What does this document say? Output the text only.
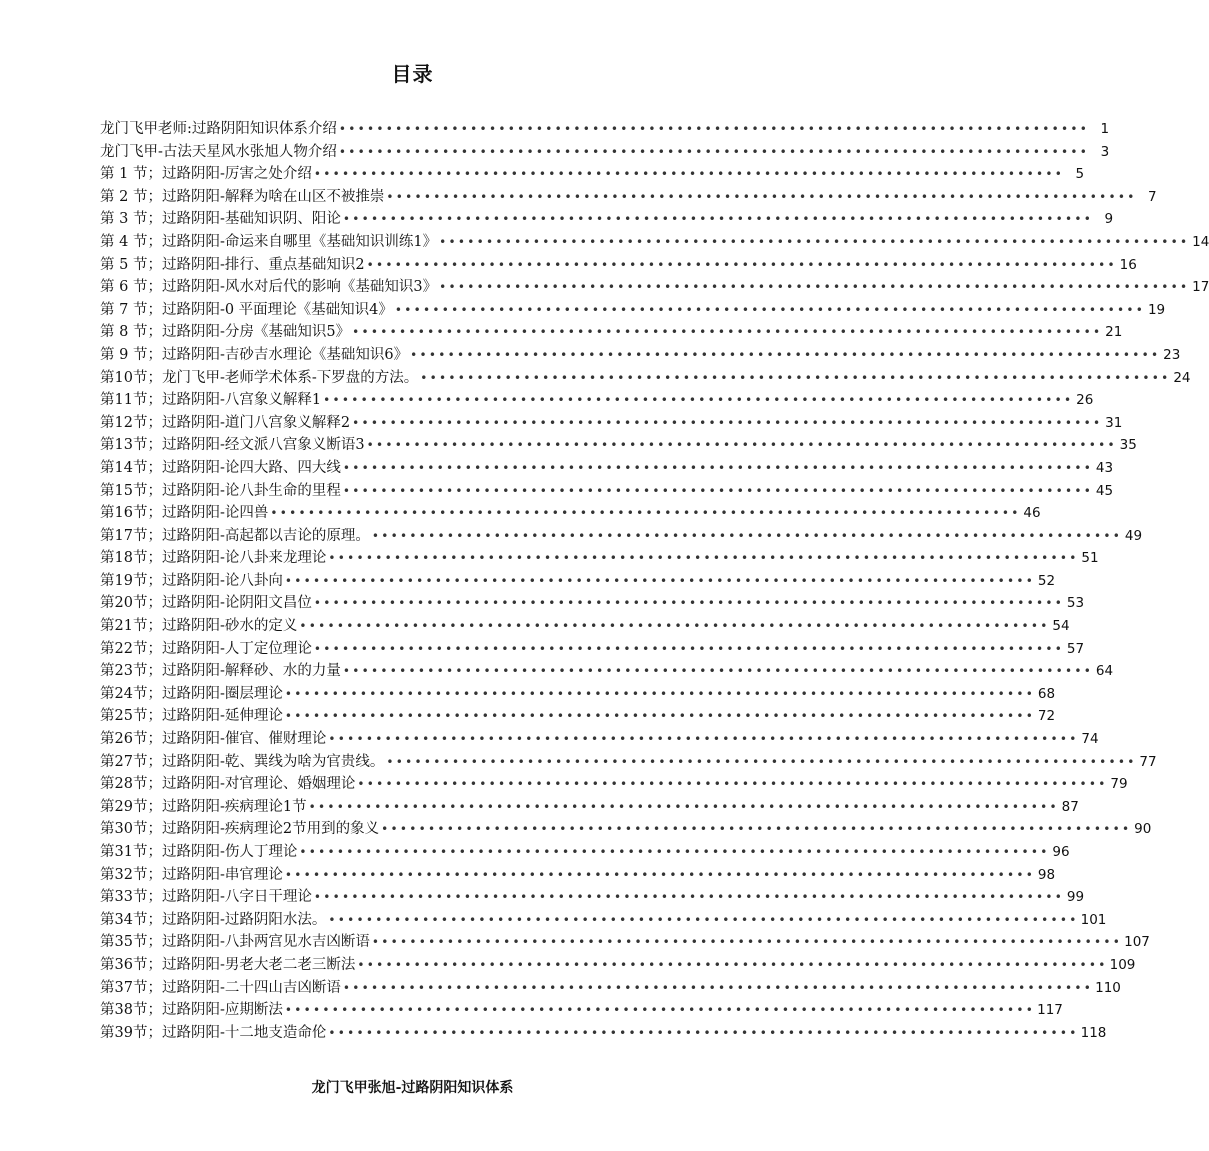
目录
龙门飞甲老师:过路阴阳知识体系介绍 •••••••••••••••••••••••••••••••••••••••••••••••••••••••••••••••••••••••••••••••• 1
龙门飞甲-古法天星风水张旭人物介绍 •••••••••••••••••••••••••••••••••••••••••••••••••••••••••••••••••••••••••••••••• 3
第 1 节；过路阴阳-厉害之处介绍 •••••••••••••••••••••••••••••••••••••••••••••••••••••••••••••••••••••••••••••••• 5
第 2 节；过路阴阳-解释为啥在山区不被推崇 •••••••••••••••••••••••••••••••••••••••••••••••••••••••••••••••••••••••••••••••• 7
第 3 节；过路阴阳-基础知识阴、阳论 •••••••••••••••••••••••••••••••••••••••••••••••••••••••••••••••••••••••••••••••• 9
第 4 节；过路阴阳-命运来自哪里《基础知识训练1》 •••••••••••••••••••••••••••••••••••••••••••••••••••••••••••••••••••••••••••••••• 14
第 5 节；过路阴阳-排行、重点基础知识2 •••••••••••••••••••••••••••••••••••••••••••••••••••••••••••••••••••••••••••••••• 16
第 6 节；过路阴阳-风水对后代的影响《基础知识3》 •••••••••••••••••••••••••••••••••••••••••••••••••••••••••••••••••••••••••••••••• 17
第 7 节；过路阴阳-0 平面理论《基础知识4》 •••••••••••••••••••••••••••••••••••••••••••••••••••••••••••••••••••••••••••••••• 19
第 8 节；过路阴阳-分房《基础知识5》 •••••••••••••••••••••••••••••••••••••••••••••••••••••••••••••••••••••••••••••••• 21
第 9 节；过路阴阳-吉砂吉水理论《基础知识6》 •••••••••••••••••••••••••••••••••••••••••••••••••••••••••••••••••••••••••••••••• 23
第10节；龙门飞甲-老师学术体系-下罗盘的方法。 •••••••••••••••••••••••••••••••••••••••••••••••••••••••••••••••••••••••••••••••• 24
第11节；过路阴阳-八宫象义解释1 •••••••••••••••••••••••••••••••••••••••••••••••••••••••••••••••••••••••••••••••• 26
第12节；过路阴阳-道门八宫象义解释2 •••••••••••••••••••••••••••••••••••••••••••••••••••••••••••••••••••••••••••••••• 31
第13节；过路阴阳-经文派八宫象义断语3 •••••••••••••••••••••••••••••••••••••••••••••••••••••••••••••••••••••••••••••••• 35
第14节；过路阴阳-论四大路、四大线 •••••••••••••••••••••••••••••••••••••••••••••••••••••••••••••••••••••••••••••••• 43
第15节；过路阴阳-论八卦生命的里程 •••••••••••••••••••••••••••••••••••••••••••••••••••••••••••••••••••••••••••••••• 45
第16节；过路阴阳-论四兽 •••••••••••••••••••••••••••••••••••••••••••••••••••••••••••••••••••••••••••••••• 46
第17节；过路阴阳-高起都以吉论的原理。 •••••••••••••••••••••••••••••••••••••••••••••••••••••••••••••••••••••••••••••••• 49
第18节；过路阴阳-论八卦来龙理论 •••••••••••••••••••••••••••••••••••••••••••••••••••••••••••••••••••••••••••••••• 51
第19节；过路阴阳-论八卦向 •••••••••••••••••••••••••••••••••••••••••••••••••••••••••••••••••••••••••••••••• 52
第20节；过路阴阳-论阴阳文昌位 •••••••••••••••••••••••••••••••••••••••••••••••••••••••••••••••••••••••••••••••• 53
第21节；过路阴阳-砂水的定义 •••••••••••••••••••••••••••••••••••••••••••••••••••••••••••••••••••••••••••••••• 54
第22节；过路阴阳-人丁定位理论 •••••••••••••••••••••••••••••••••••••••••••••••••••••••••••••••••••••••••••••••• 57
第23节；过路阴阳-解释砂、水的力量 •••••••••••••••••••••••••••••••••••••••••••••••••••••••••••••••••••••••••••••••• 64
第24节；过路阴阳-圈层理论 •••••••••••••••••••••••••••••••••••••••••••••••••••••••••••••••••••••••••••••••• 68
第25节；过路阴阳-延伸理论 •••••••••••••••••••••••••••••••••••••••••••••••••••••••••••••••••••••••••••••••• 72
第26节；过路阴阳-催官、催财理论 •••••••••••••••••••••••••••••••••••••••••••••••••••••••••••••••••••••••••••••••• 74
第27节；过路阴阳-乾、巽线为啥为官贵线。 •••••••••••••••••••••••••••••••••••••••••••••••••••••••••••••••••••••••••••••••• 77
第28节；过路阴阳-对官理论、婚姻理论 •••••••••••••••••••••••••••••••••••••••••••••••••••••••••••••••••••••••••••••••• 79
第29节；过路阴阳-疾病理论1节 •••••••••••••••••••••••••••••••••••••••••••••••••••••••••••••••••••••••••••••••• 87
第30节；过路阴阳-疾病理论2节用到的象义 •••••••••••••••••••••••••••••••••••••••••••••••••••••••••••••••••••••••••••••••• 90
第31节；过路阴阳-伤人丁理论 •••••••••••••••••••••••••••••••••••••••••••••••••••••••••••••••••••••••••••••••• 96
第32节；过路阴阳-串官理论 •••••••••••••••••••••••••••••••••••••••••••••••••••••••••••••••••••••••••••••••• 98
第33节；过路阴阳-八字日干理论 •••••••••••••••••••••••••••••••••••••••••••••••••••••••••••••••••••••••••••••••• 99
第34节；过路阴阳-过路阴阳水法。 •••••••••••••••••••••••••••••••••••••••••••••••••••••••••••••••••••••••••••••••• 101
第35节；过路阴阳-八卦两宫见水吉凶断语 •••••••••••••••••••••••••••••••••••••••••••••••••••••••••••••••••••••••••••••••• 107
第36节；过路阴阳-男老大老二老三断法 •••••••••••••••••••••••••••••••••••••••••••••••••••••••••••••••••••••••••••••••• 109
第37节；过路阴阳-二十四山吉凶断语 •••••••••••••••••••••••••••••••••••••••••••••••••••••••••••••••••••••••••••••••• 110
第38节；过路阴阳-应期断法 •••••••••••••••••••••••••••••••••••••••••••••••••••••••••••••••••••••••••••••••• 117
第39节；过路阴阳-十二地支造命伦 •••••••••••••••••••••••••••••••••••••••••••••••••••••••••••••••••••••••••••••••• 118
龙门飞甲张旭-过路阴阳知识体系
